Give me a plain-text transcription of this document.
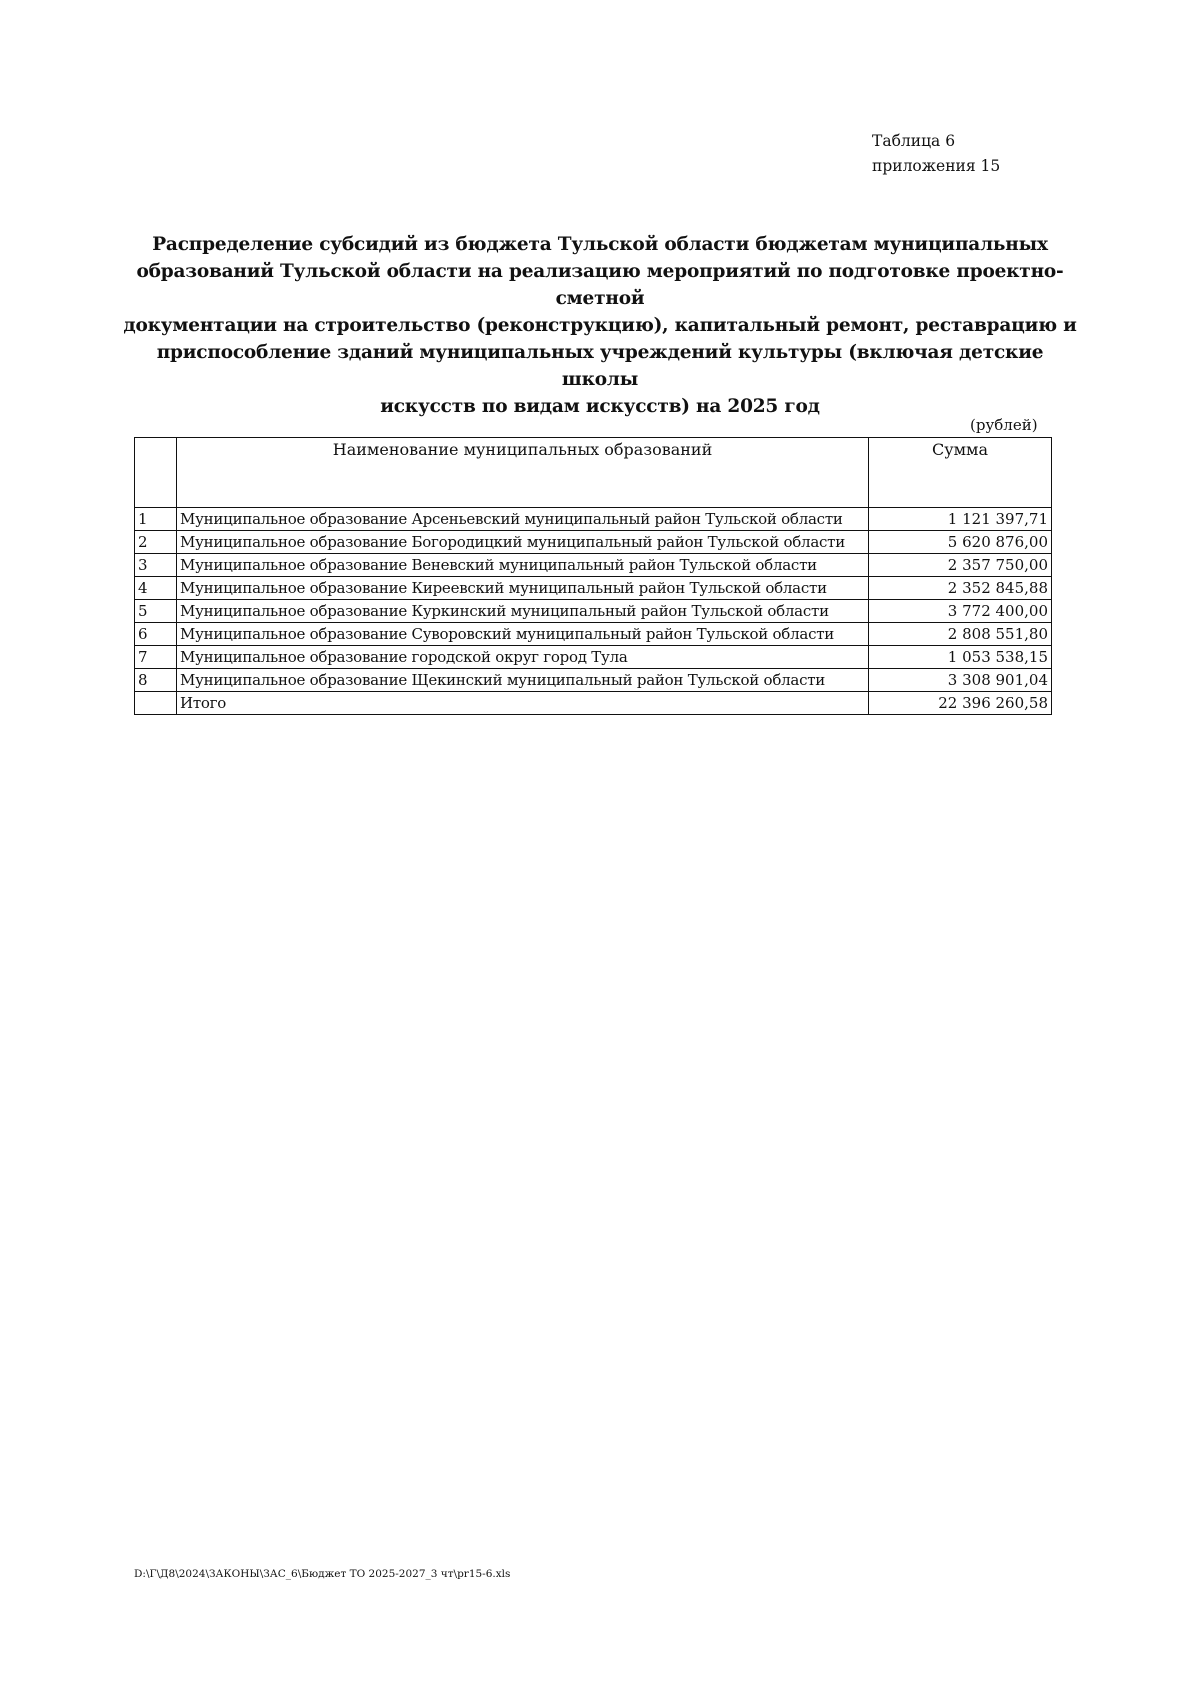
Таблица 6
приложения 15
Распределение субсидий из бюджета Тульской области бюджетам муниципальных
образований Тульской области на реализацию мероприятий по подготовке проектно-сметной
документации на строительство (реконструкцию), капитальный ремонт, реставрацию и
приспособление зданий муниципальных учреждений культуры (включая детские школы
искусств по видам искусств) на 2025 год
(рублей)
	Наименование муниципальных образований	Сумма
1	Муниципальное образование Арсеньевский муниципальный район Тульской области	1 121 397,71
2	Муниципальное образование Богородицкий муниципальный район Тульской области	5 620 876,00
3	Муниципальное образование Веневский муниципальный район Тульской области	2 357 750,00
4	Муниципальное образование Киреевский муниципальный район Тульской области	2 352 845,88
5	Муниципальное образование Куркинский муниципальный район Тульской области	3 772 400,00
6	Муниципальное образование Суворовский муниципальный район Тульской области	2 808 551,80
7	Муниципальное образование городской округ город Тула	1 053 538,15
8	Муниципальное образование Щекинский муниципальный район Тульской области	3 308 901,04
	Итого	22 396 260,58
D:\Г\Д8\2024\ЗАКОНЫ\ЗАС_6\Бюджет ТО 2025-2027_3 чт\pr15-6.xls
